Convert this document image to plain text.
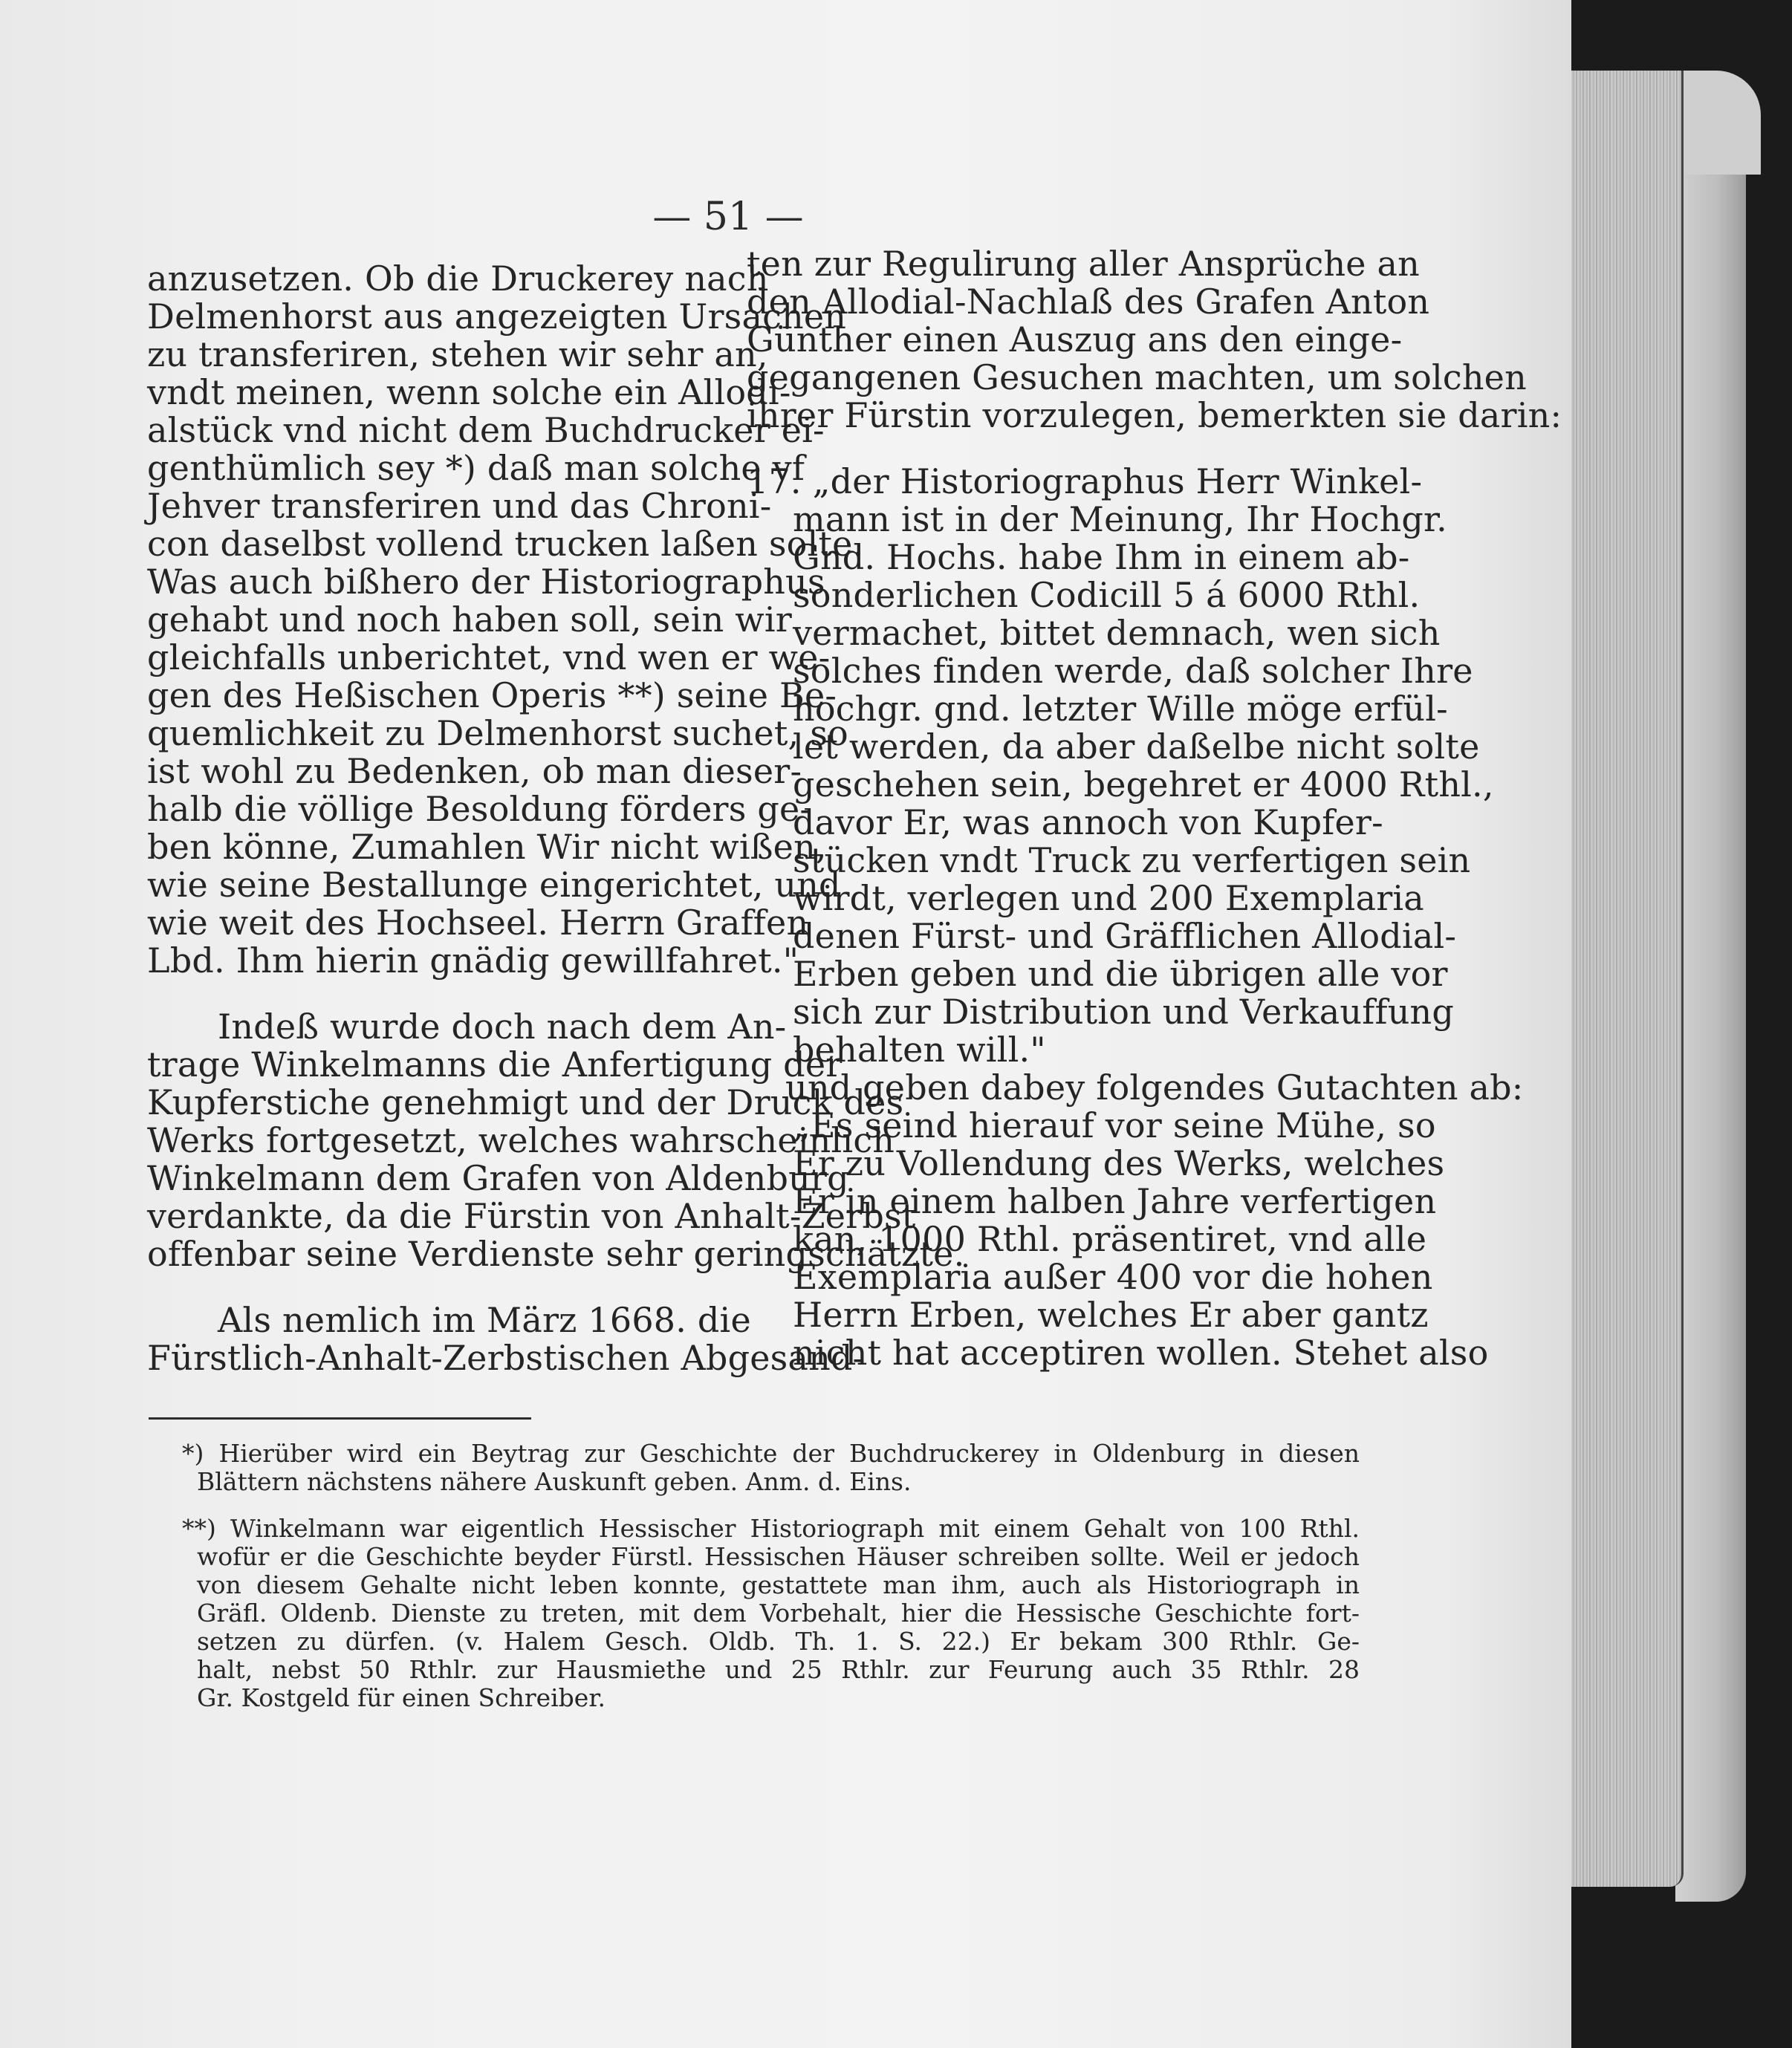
— 51 —
anzusetzen. Ob die Druckerey nach
Delmenhorst aus angezeigten Ursachen
zu transferiren, stehen wir sehr an,
vndt meinen, wenn solche ein Allodi-
alstück vnd nicht dem Buchdrucker ei-
genthümlich sey *) daß man solche vf
Jehver transferiren und das Chroni-
con daselbst vollend trucken laßen solte.
Was auch bißhero der Historiographus
gehabt und noch haben soll, sein wir
gleichfalls unberichtet, vnd wen er we-
gen des Heßischen Operis **) seine Be-
quemlichkeit zu Delmenhorst suchet, so
ist wohl zu Bedenken, ob man dieser-
halb die völlige Besoldung förders ge-
ben könne, Zumahlen Wir nicht wißen,
wie seine Bestallunge eingerichtet, und
wie weit des Hochseel. Herrn Graffen
Lbd. Ihm hierin gnädig gewillfahret."
Indeß wurde doch nach dem An-
trage Winkelmanns die Anfertigung der
Kupferstiche genehmigt und der Druck des
Werks fortgesetzt, welches wahrscheinlich
Winkelmann dem Grafen von Aldenburg
verdankte, da die Fürstin von Anhalt-Zerbst
offenbar seine Verdienste sehr geringschätzte.
Als nemlich im März 1668. die
Fürstlich-Anhalt-Zerbstischen Abgesand-
ten zur Regulirung aller Ansprüche an
den Allodial-Nachlaß des Grafen Anton
Günther einen Auszug ans den einge-
gegangenen Gesuchen machten, um solchen
ihrer Fürstin vorzulegen, bemerkten sie darin:
17. „der Historiographus Herr Winkel-
mann ist in der Meinung, Ihr Hochgr.
Gnd. Hochs. habe Ihm in einem ab-
sonderlichen Codicill 5 á 6000 Rthl.
vermachet, bittet demnach, wen sich
solches finden werde, daß solcher Ihre
hochgr. gnd. letzter Wille möge erfül-
let werden, da aber daßelbe nicht solte
geschehen sein, begehret er 4000 Rthl.,
davor Er, was annoch von Kupfer-
stücken vndt Truck zu verfertigen sein
wirdt, verlegen und 200 Exemplaria
denen Fürst- und Gräfflichen Allodial-
Erben geben und die übrigen alle vor
sich zur Distribution und Verkauffung
behalten will."
und geben dabey folgendes Gutachten ab:
„Es seind hierauf vor seine Mühe, so
Er zu Vollendung des Werks, welches
Er in einem halben Jahre verfertigen
kan, 1000 Rthl. präsentiret, vnd alle
Exemplaria außer 400 vor die hohen
Herrn Erben, welches Er aber gantz
nicht hat acceptiren wollen. Stehet also
*) Hierüber wird ein Beytrag zur Geschichte der Buchdruckerey in Oldenburg in diesen
Blättern nächstens nähere Auskunft geben. Anm. d. Eins.
**) Winkelmann war eigentlich Hessischer Historiograph mit einem Gehalt von 100 Rthl.
wofür er die Geschichte beyder Fürstl. Hessischen Häuser schreiben sollte. Weil er jedoch
von diesem Gehalte nicht leben konnte, gestattete man ihm, auch als Historiograph in
Gräfl. Oldenb. Dienste zu treten, mit dem Vorbehalt, hier die Hessische Geschichte fort-
setzen zu dürfen. (v. Halem Gesch. Oldb. Th. 1. S. 22.) Er bekam 300 Rthlr. Ge-
halt, nebst 50 Rthlr. zur Hausmiethe und 25 Rthlr. zur Feurung auch 35 Rthlr. 28
Gr. Kostgeld für einen Schreiber.
